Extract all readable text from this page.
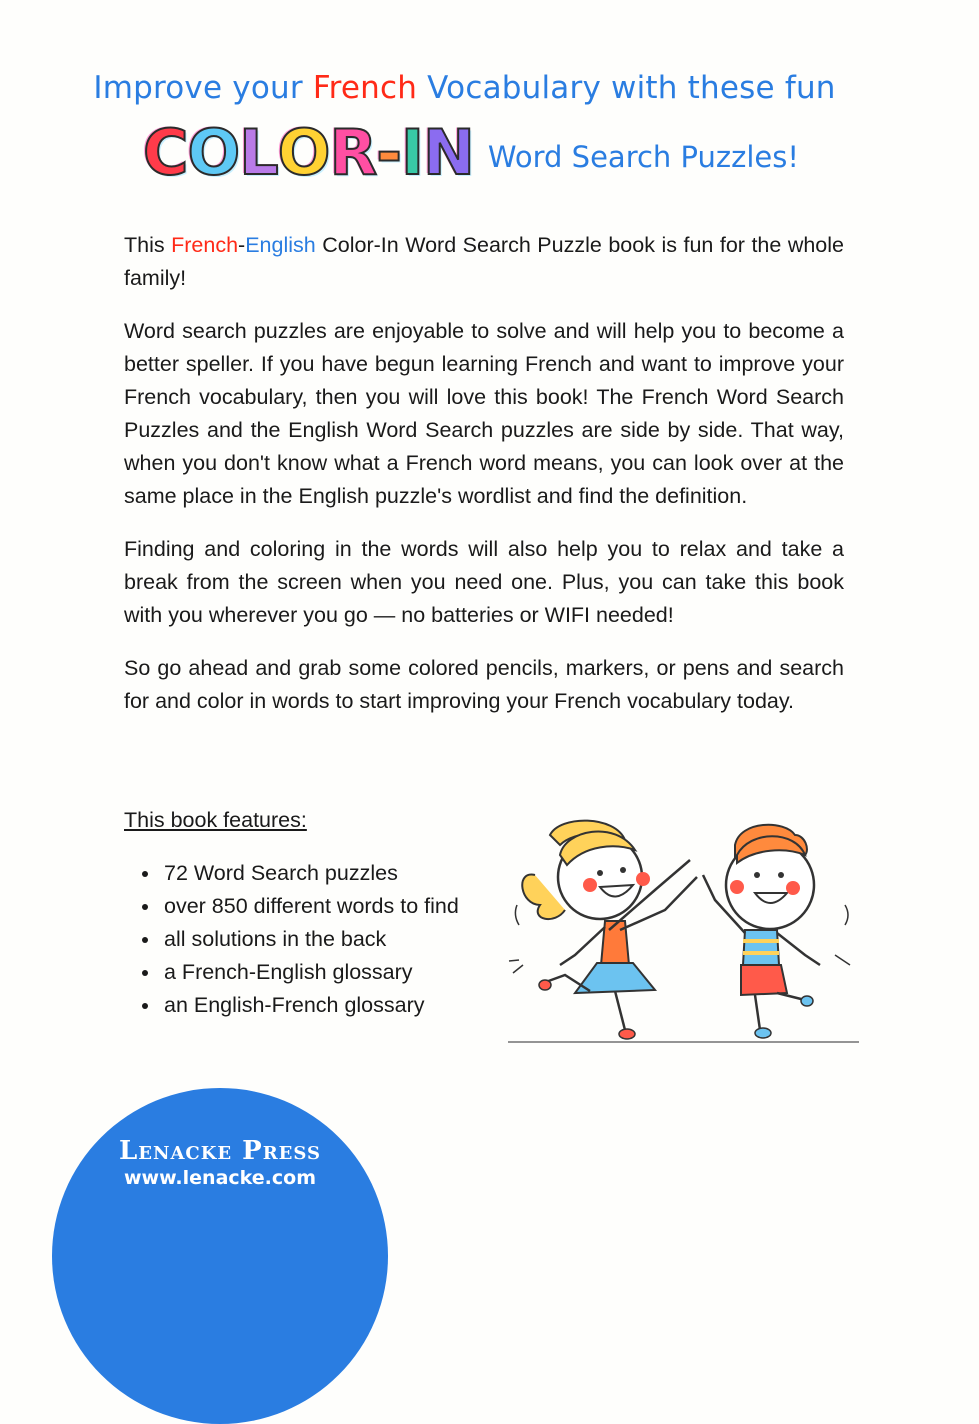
Improve your French Vocabulary with these fun
C O L O R - I N Word Search Puzzles!

This French-English Color-In Word Search Puzzle book is fun for the whole family!

Word search puzzles are enjoyable to solve and will help you to become a better speller. If you have begun learning French and want to improve your French vocabulary, then you will love this book! The French Word Search Puzzles and the English Word Search puzzles are side by side. That way, when you don't know what a French word means, you can look over at the same place in the English puzzle's wordlist and find the definition.

Finding and coloring in the words will also help you to relax and take a break from the screen when you need one. Plus, you can take this book with you wherever you go — no batteries or WIFI needed!

So go ahead and grab some colored pencils, markers, or pens and search for and color in words to start improving your French vocabulary today.

This book features:
72 Word Search puzzles
over 850 different words to find
all solutions in the back
a French-English glossary
an English-French glossary
Lenacke Press
www.lenacke.com
